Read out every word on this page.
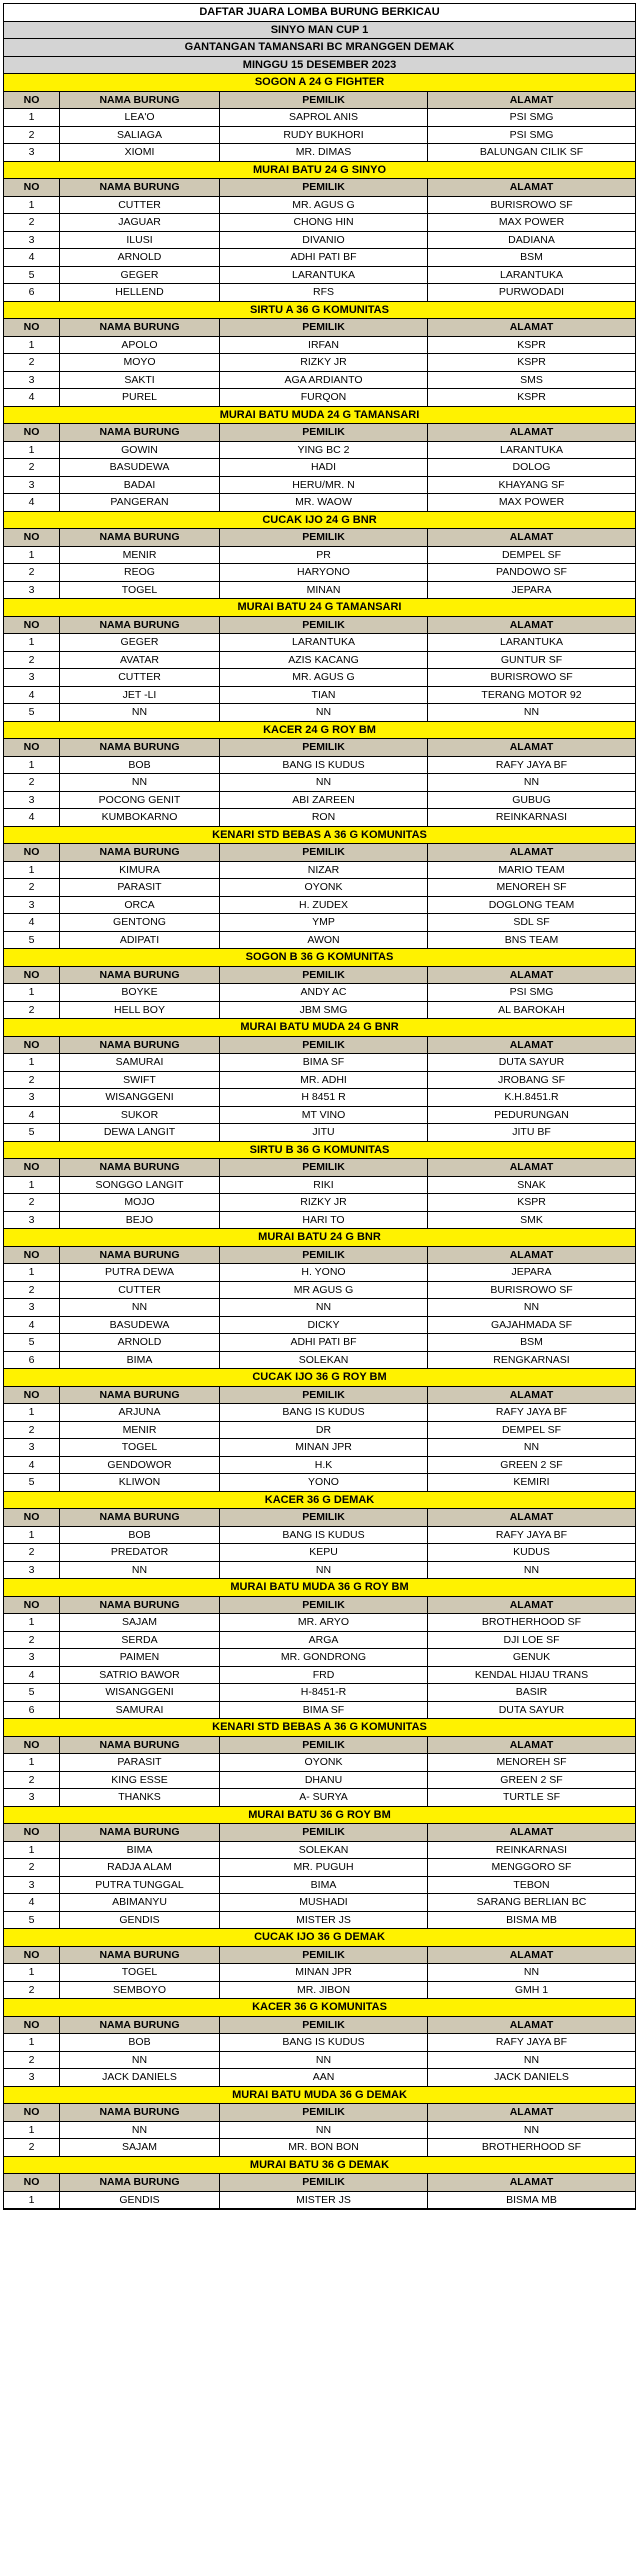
DAFTAR JUARA LOMBA BURUNG BERKICAU
SINYO MAN CUP 1
GANTANGAN TAMANSARI BC MRANGGEN DEMAK
MINGGU 15 DESEMBER 2023
SOGON A 24 G FIGHTER
NO	NAMA BURUNG	PEMILIK	ALAMAT
1	LEA'O	SAPROL ANIS	PSI SMG
2	SALIAGA	RUDY BUKHORI	PSI SMG
3	XIOMI	MR. DIMAS	BALUNGAN CILIK SF
MURAI BATU 24 G SINYO
NO	NAMA BURUNG	PEMILIK	ALAMAT
1	CUTTER	MR. AGUS G	BURISROWO SF
2	JAGUAR	CHONG HIN	MAX POWER
3	ILUSI	DIVANIO	DADIANA
4	ARNOLD	ADHI PATI BF	BSM
5	GEGER	LARANTUKA	LARANTUKA
6	HELLEND	RFS	PURWODADI
SIRTU A 36 G KOMUNITAS
NO	NAMA BURUNG	PEMILIK	ALAMAT
1	APOLO	IRFAN	KSPR
2	MOYO	RIZKY JR	KSPR
3	SAKTI	AGA ARDIANTO	SMS
4	PUREL	FURQON	KSPR
MURAI BATU MUDA 24 G TAMANSARI
NO	NAMA BURUNG	PEMILIK	ALAMAT
1	GOWIN	YING BC 2	LARANTUKA
2	BASUDEWA	HADI	DOLOG
3	BADAI	HERU/MR. N	KHAYANG SF
4	PANGERAN	MR. WAOW	MAX POWER
CUCAK IJO 24 G BNR
NO	NAMA BURUNG	PEMILIK	ALAMAT
1	MENIR	PR	DEMPEL SF
2	REOG	HARYONO	PANDOWO SF
3	TOGEL	MINAN	JEPARA
MURAI BATU 24 G TAMANSARI
NO	NAMA BURUNG	PEMILIK	ALAMAT
1	GEGER	LARANTUKA	LARANTUKA
2	AVATAR	AZIS KACANG	GUNTUR SF
3	CUTTER	MR. AGUS G	BURISROWO SF
4	JET -LI	TIAN	TERANG MOTOR 92
5	NN	NN	NN
KACER 24 G ROY BM
NO	NAMA BURUNG	PEMILIK	ALAMAT
1	BOB	BANG IS KUDUS	RAFY JAYA BF
2	NN	NN	NN
3	POCONG GENIT	ABI ZAREEN	GUBUG
4	KUMBOKARNO	RON	REINKARNASI
KENARI STD BEBAS A 36 G KOMUNITAS
NO	NAMA BURUNG	PEMILIK	ALAMAT
1	KIMURA	NIZAR	MARIO TEAM
2	PARASIT	OYONK	MENOREH SF
3	ORCA	H. ZUDEX	DOGLONG TEAM
4	GENTONG	YMP	SDL SF
5	ADIPATI	AWON	BNS TEAM
SOGON B 36 G KOMUNITAS
NO	NAMA BURUNG	PEMILIK	ALAMAT
1	BOYKE	ANDY AC	PSI SMG
2	HELL BOY	JBM SMG	AL BAROKAH
MURAI BATU MUDA 24 G BNR
NO	NAMA BURUNG	PEMILIK	ALAMAT
1	SAMURAI	BIMA SF	DUTA SAYUR
2	SWIFT	MR. ADHI	JROBANG SF
3	WISANGGENI	H 8451 R	K.H.8451.R
4	SUKOR	MT VINO	PEDURUNGAN
5	DEWA LANGIT	JITU	JITU BF
SIRTU B 36 G KOMUNITAS
NO	NAMA BURUNG	PEMILIK	ALAMAT
1	SONGGO LANGIT	RIKI	SNAK
2	MOJO	RIZKY JR	KSPR
3	BEJO	HARI TO	SMK
MURAI BATU 24 G BNR
NO	NAMA BURUNG	PEMILIK	ALAMAT
1	PUTRA DEWA	H. YONO	JEPARA
2	CUTTER	MR AGUS G	BURISROWO SF
3	NN	NN	NN
4	BASUDEWA	DICKY	GAJAHMADA SF
5	ARNOLD	ADHI PATI BF	BSM
6	BIMA	SOLEKAN	RENGKARNASI
CUCAK IJO 36 G ROY BM
NO	NAMA BURUNG	PEMILIK	ALAMAT
1	ARJUNA	BANG IS KUDUS	RAFY JAYA BF
2	MENIR	DR	DEMPEL SF
3	TOGEL	MINAN JPR	NN
4	GENDOWOR	H.K	GREEN 2 SF
5	KLIWON	YONO	KEMIRI
KACER 36 G DEMAK
NO	NAMA BURUNG	PEMILIK	ALAMAT
1	BOB	BANG IS KUDUS	RAFY JAYA BF
2	PREDATOR	KEPU	KUDUS
3	NN	NN	NN
MURAI BATU MUDA 36 G ROY BM
NO	NAMA BURUNG	PEMILIK	ALAMAT
1	SAJAM	MR. ARYO	BROTHERHOOD SF
2	SERDA	ARGA	DJI LOE SF
3	PAIMEN	MR. GONDRONG	GENUK
4	SATRIO BAWOR	FRD	KENDAL HIJAU TRANS
5	WISANGGENI	H-8451-R	BASIR
6	SAMURAI	BIMA SF	DUTA SAYUR
KENARI STD BEBAS A 36 G KOMUNITAS
NO	NAMA BURUNG	PEMILIK	ALAMAT
1	PARASIT	OYONK	MENOREH SF
2	KING ESSE	DHANU	GREEN 2 SF
3	THANKS	A- SURYA	TURTLE SF
MURAI BATU 36 G ROY BM
NO	NAMA BURUNG	PEMILIK	ALAMAT
1	BIMA	SOLEKAN	REINKARNASI
2	RADJA ALAM	MR. PUGUH	MENGGORO SF
3	PUTRA TUNGGAL	BIMA	TEBON
4	ABIMANYU	MUSHADI	SARANG BERLIAN BC
5	GENDIS	MISTER JS	BISMA MB
CUCAK IJO 36 G DEMAK
NO	NAMA BURUNG	PEMILIK	ALAMAT
1	TOGEL	MINAN JPR	NN
2	SEMBOYO	MR. JIBON	GMH 1
KACER 36 G KOMUNITAS
NO	NAMA BURUNG	PEMILIK	ALAMAT
1	BOB	BANG IS KUDUS	RAFY JAYA BF
2	NN	NN	NN
3	JACK DANIELS	AAN	JACK DANIELS
MURAI BATU MUDA 36 G DEMAK
NO	NAMA BURUNG	PEMILIK	ALAMAT
1	NN	NN	NN
2	SAJAM	MR. BON BON	BROTHERHOOD SF
MURAI BATU 36 G DEMAK
NO	NAMA BURUNG	PEMILIK	ALAMAT
1	GENDIS	MISTER JS	BISMA MB
